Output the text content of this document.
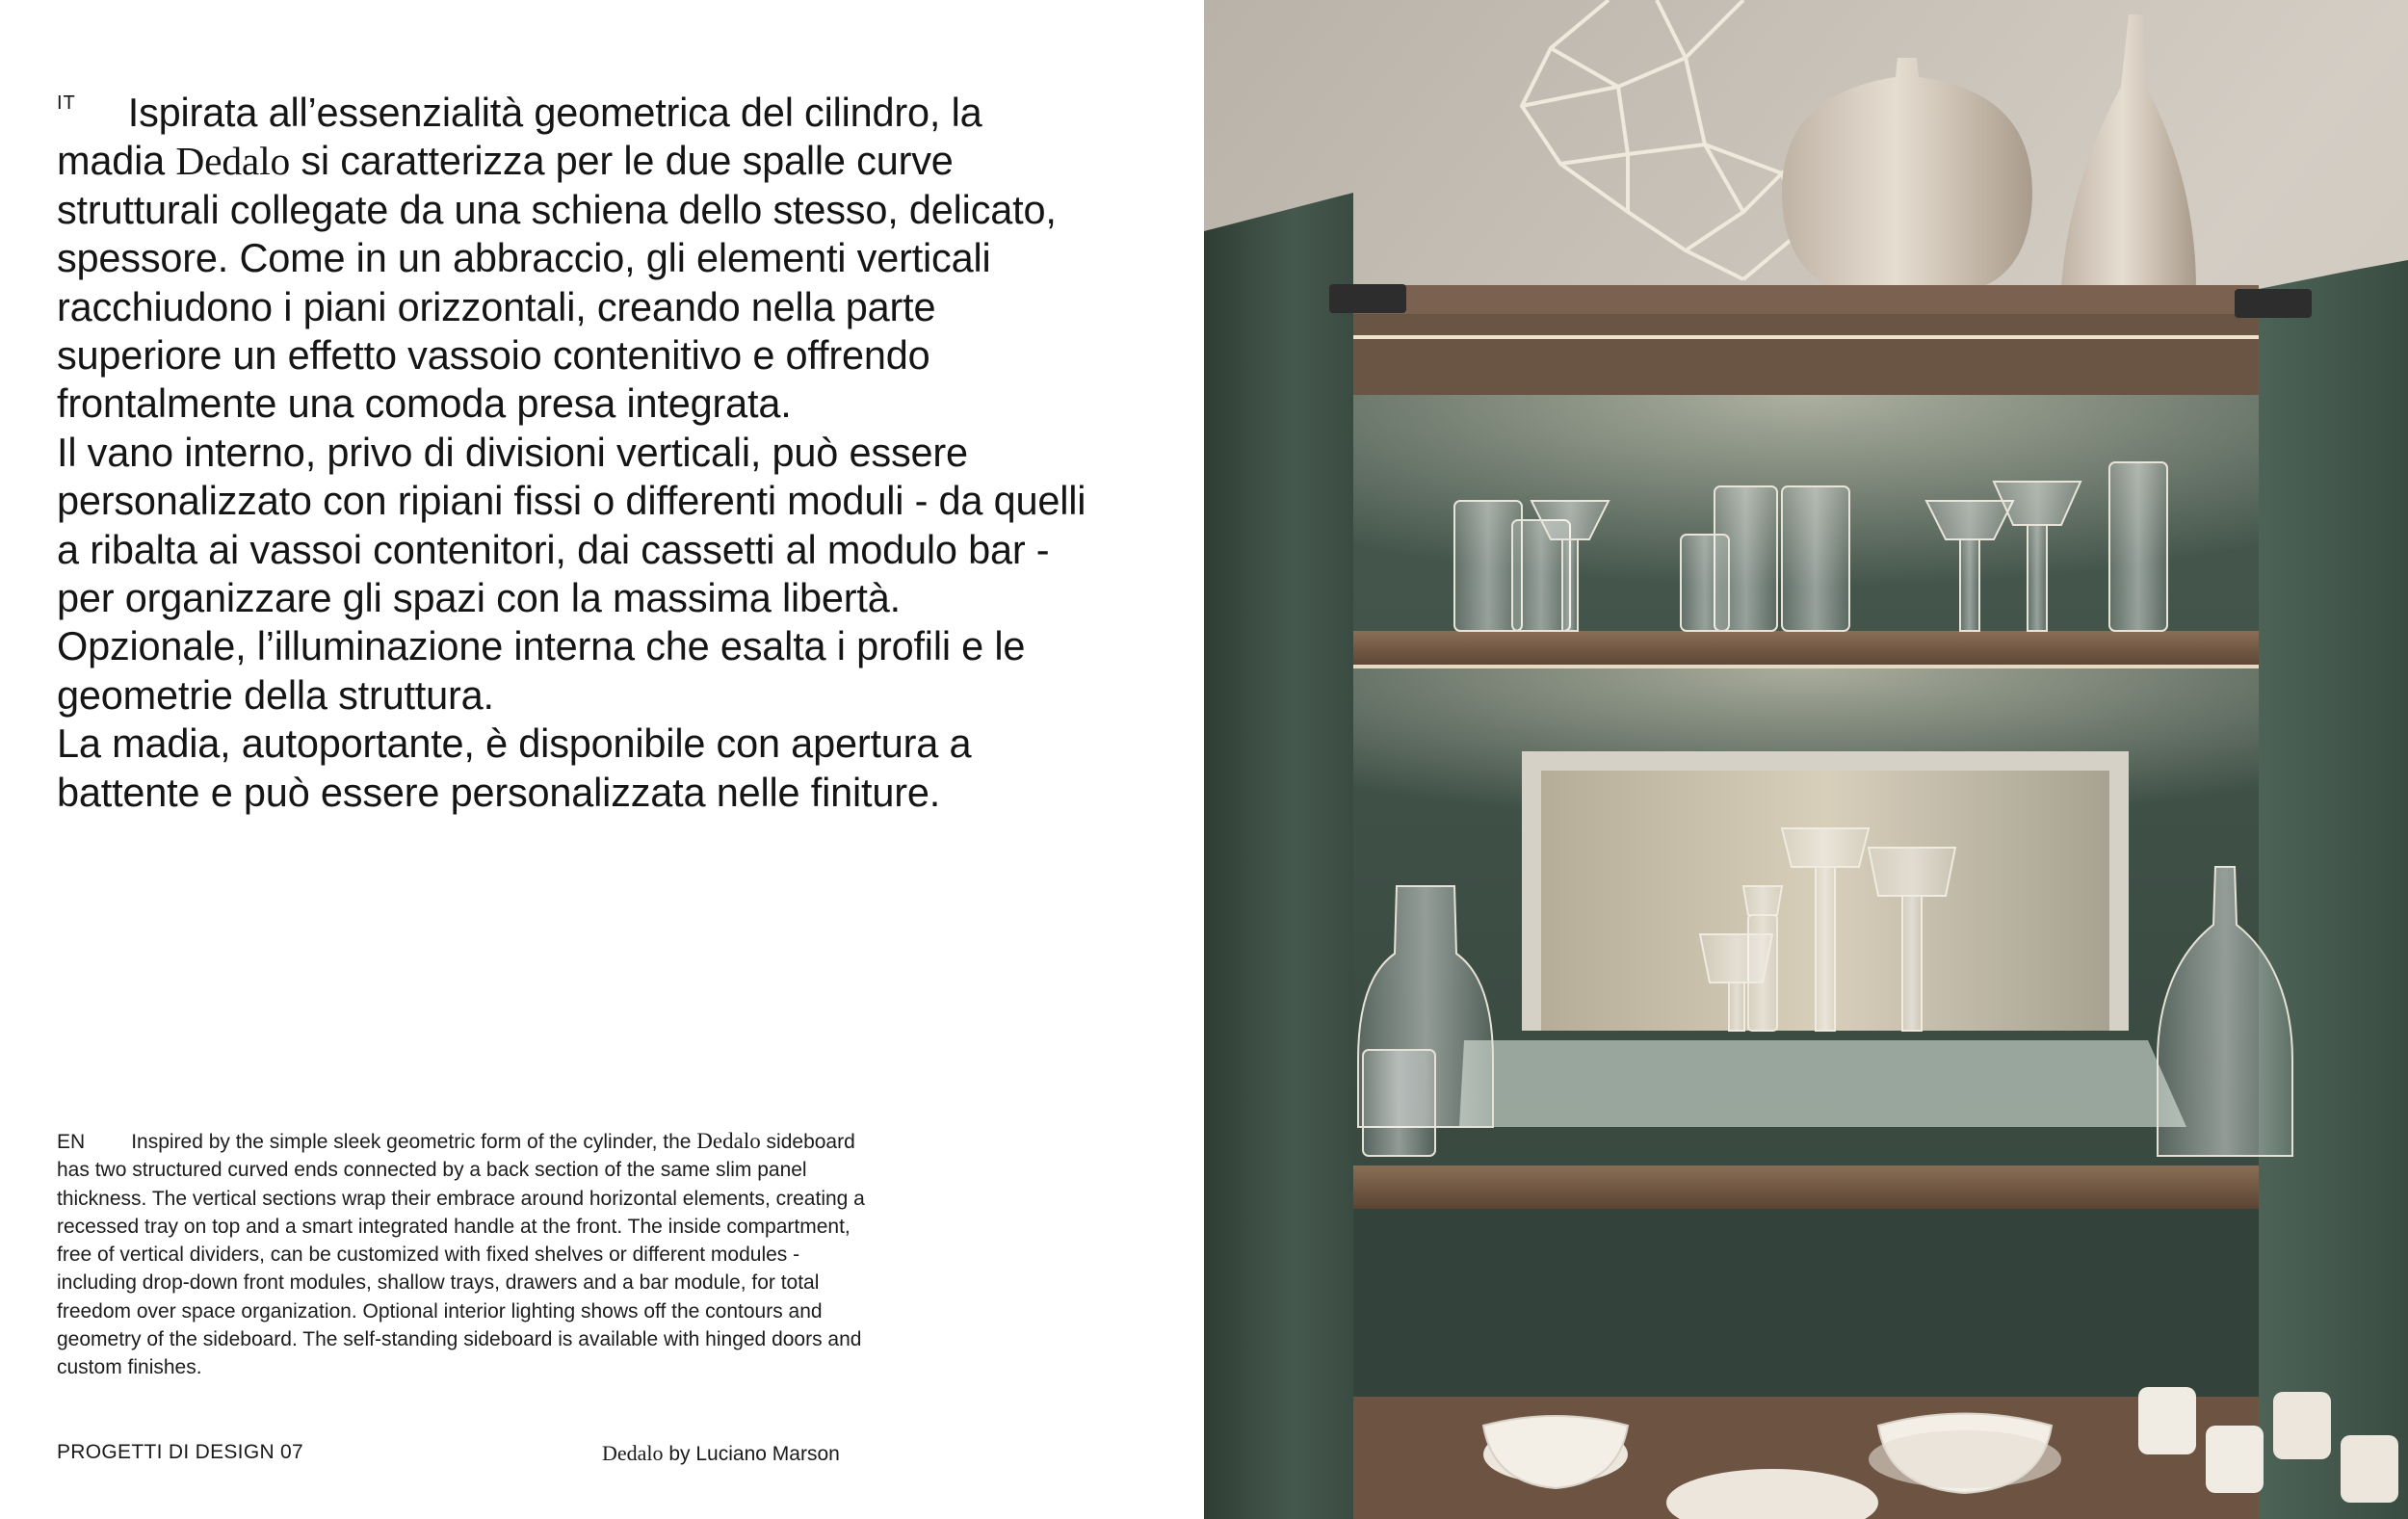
$^{IT}$ Ispirata all’essenzialità geometrica del cilindro, la madia Dedalo si caratterizza per le due spalle curve strutturali collegate da una schiena dello stesso, delicato, spessore. Come in un abbraccio, gli elementi verticali racchiudono i piani orizzontali, creando nella parte superiore un effetto vassoio contenitivo e offrendo frontalmente una comoda presa integrata.
Il vano interno, privo di divisioni verticali, può essere personalizzato con ripiani fissi o differenti moduli - da quelli a ribalta ai vassoi contenitori, dai cassetti al modulo bar - per organizzare gli spazi con la massima libertà. Opzionale, l’illuminazione interna che esalta i profili e le geometrie della struttura.
La madia, autoportante, è disponibile con apertura a battente e può essere personalizzata nelle finiture.

EN Inspired by the simple sleek geometric form of the cylinder, the Dedalo sideboard has two structured curved ends connected by a back section of the same slim panel thickness. The vertical sections wrap their embrace around horizontal elements, creating a recessed tray on top and a smart integrated handle at the front. The inside compartment, free of vertical dividers, can be customized with fixed shelves or different modules - including drop-down front modules, shallow trays, drawers and a bar module, for total freedom over space organization. Optional interior lighting shows off the contours and geometry of the sideboard. The self-standing sideboard is available with hinged doors and custom finishes.

PROGETTI DI DESIGN 07	Dedalo by Luciano Marson
